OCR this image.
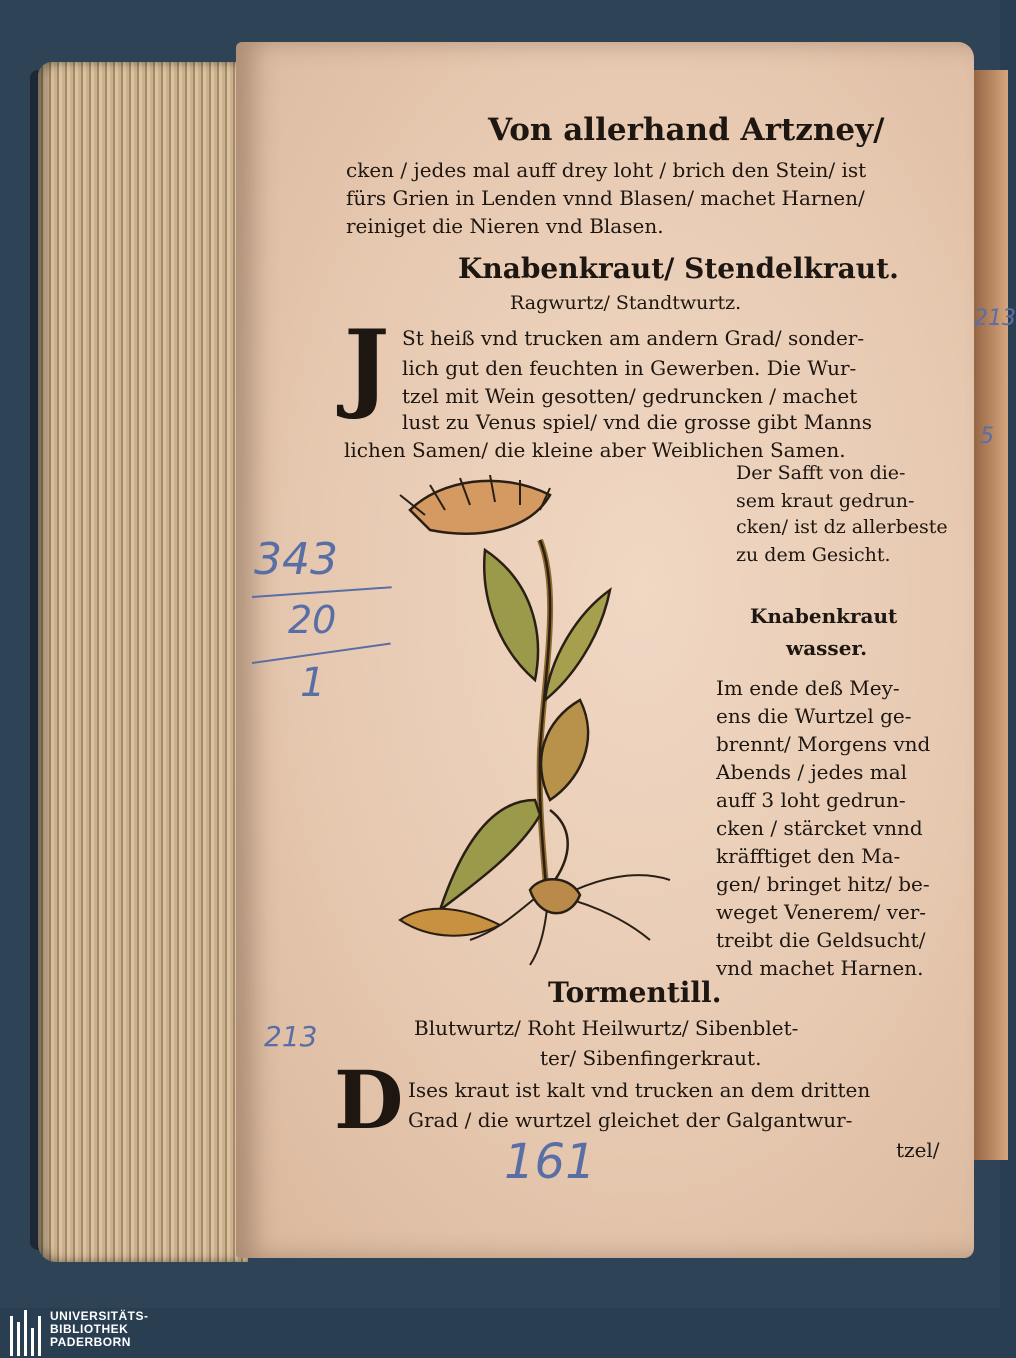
Von allerhand Artzney/
cken / jedes mal auff drey loht / brich den Stein/ ist
fürs Grien in Lenden vnnd Blasen/ machet Harnen/
reiniget die Nieren vnd Blasen.
Knabenkraut/ Stendelkraut.
Ragwurtz/ Standtwurtz.
J St heiß vnd trucken am andern Grad/ sonder-
lich gut den feuchten in Gewerben. Die Wur-
tzel mit Wein gesotten/ gedruncken / machet
lust zu Venus spiel/ vnd die grosse gibt Manns
lichen Samen/ die kleine aber Weiblichen Samen.
Der Safft von die-
sem kraut gedrun-
cken/ ist dz allerbeste
zu dem Gesicht.
Knabenkraut
wasser.
Im ende deß Mey-
ens die Wurtzel ge-
brennt/ Morgens vnd
Abends / jedes mal
auff 3 loht gedrun-
cken / stärcket vnnd
kräfftiget den Ma-
gen/ bringet hitz/ be-
weget Venerem/ ver-
treibt die Geldsucht/
vnd machet Harnen.
Tormentill.
Blutwurtz/ Roht Heilwurtz/ Sibenblet-
ter/ Sibenfingerkraut.
D Ises kraut ist kalt vnd trucken an dem dritten
Grad / die wurtzel gleichet der Galgantwur-
tzel/
343
20
1
213
161
213
5
UNIVERSITÄTS-
BIBLIOTHEK
PADERBORN
